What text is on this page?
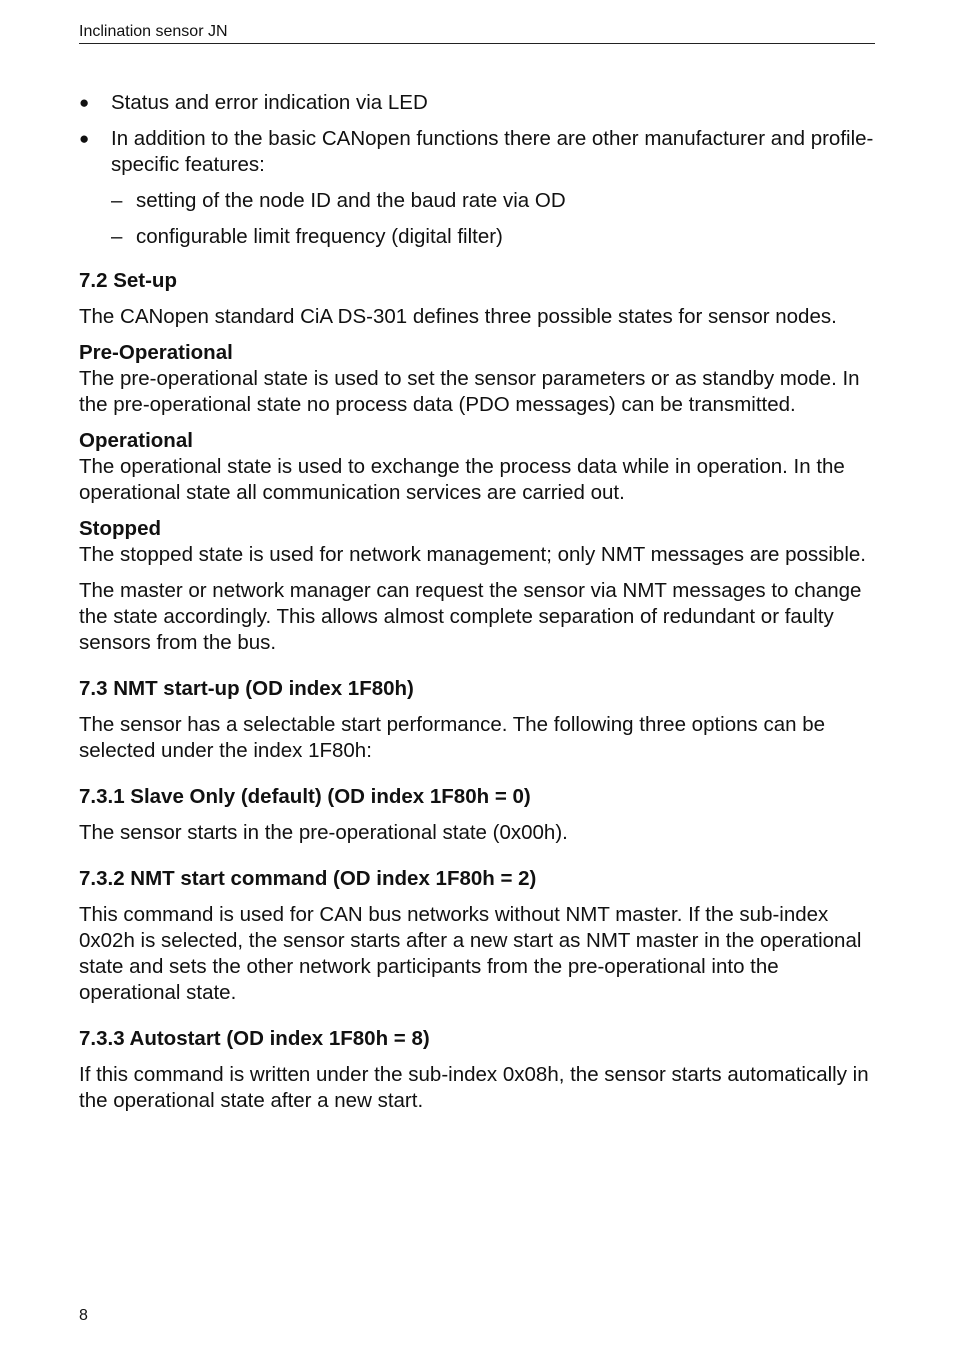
Inclination sensor JN
● Status and error indication via LED
● In addition to the basic CANopen functions there are other manufacturer and profile-specific features:
– setting of the node ID and the baud rate via OD
– configurable limit frequency (digital filter)
7.2 Set-up

The CANopen standard CiA DS-301 defines three possible states for sensor nodes.

Pre-Operational
The pre-operational state is used to set the sensor parameters or as standby mode. In the pre-operational state no process data (PDO messages) can be transmitted.
Operational
The operational state is used to exchange the process data while in operation. In the operational state all communication services are carried out.
Stopped
The stopped state is used for network management; only NMT messages are possible.

The master or network manager can request the sensor via NMT messages to change the state accordingly. This allows almost complete separation of redundant or faulty sensors from the bus.

7.3 NMT start-up (OD index 1F80h)

The sensor has a selectable start performance. The following three options can be selected under the index 1F80h:

7.3.1 Slave Only (default) (OD index 1F80h = 0)

The sensor starts in the pre-operational state (0x00h).

7.3.2 NMT start command (OD index 1F80h = 2)

This command is used for CAN bus networks without NMT master. If the sub-index 0x02h is selected, the sensor starts after a new start as NMT master in the operational state and sets the other network participants from the pre-operational into the operational state.

7.3.3 Autostart (OD index 1F80h = 8)

If this command is written under the sub-index 0x08h, the sensor starts automatically in the operational state after a new start.

8
